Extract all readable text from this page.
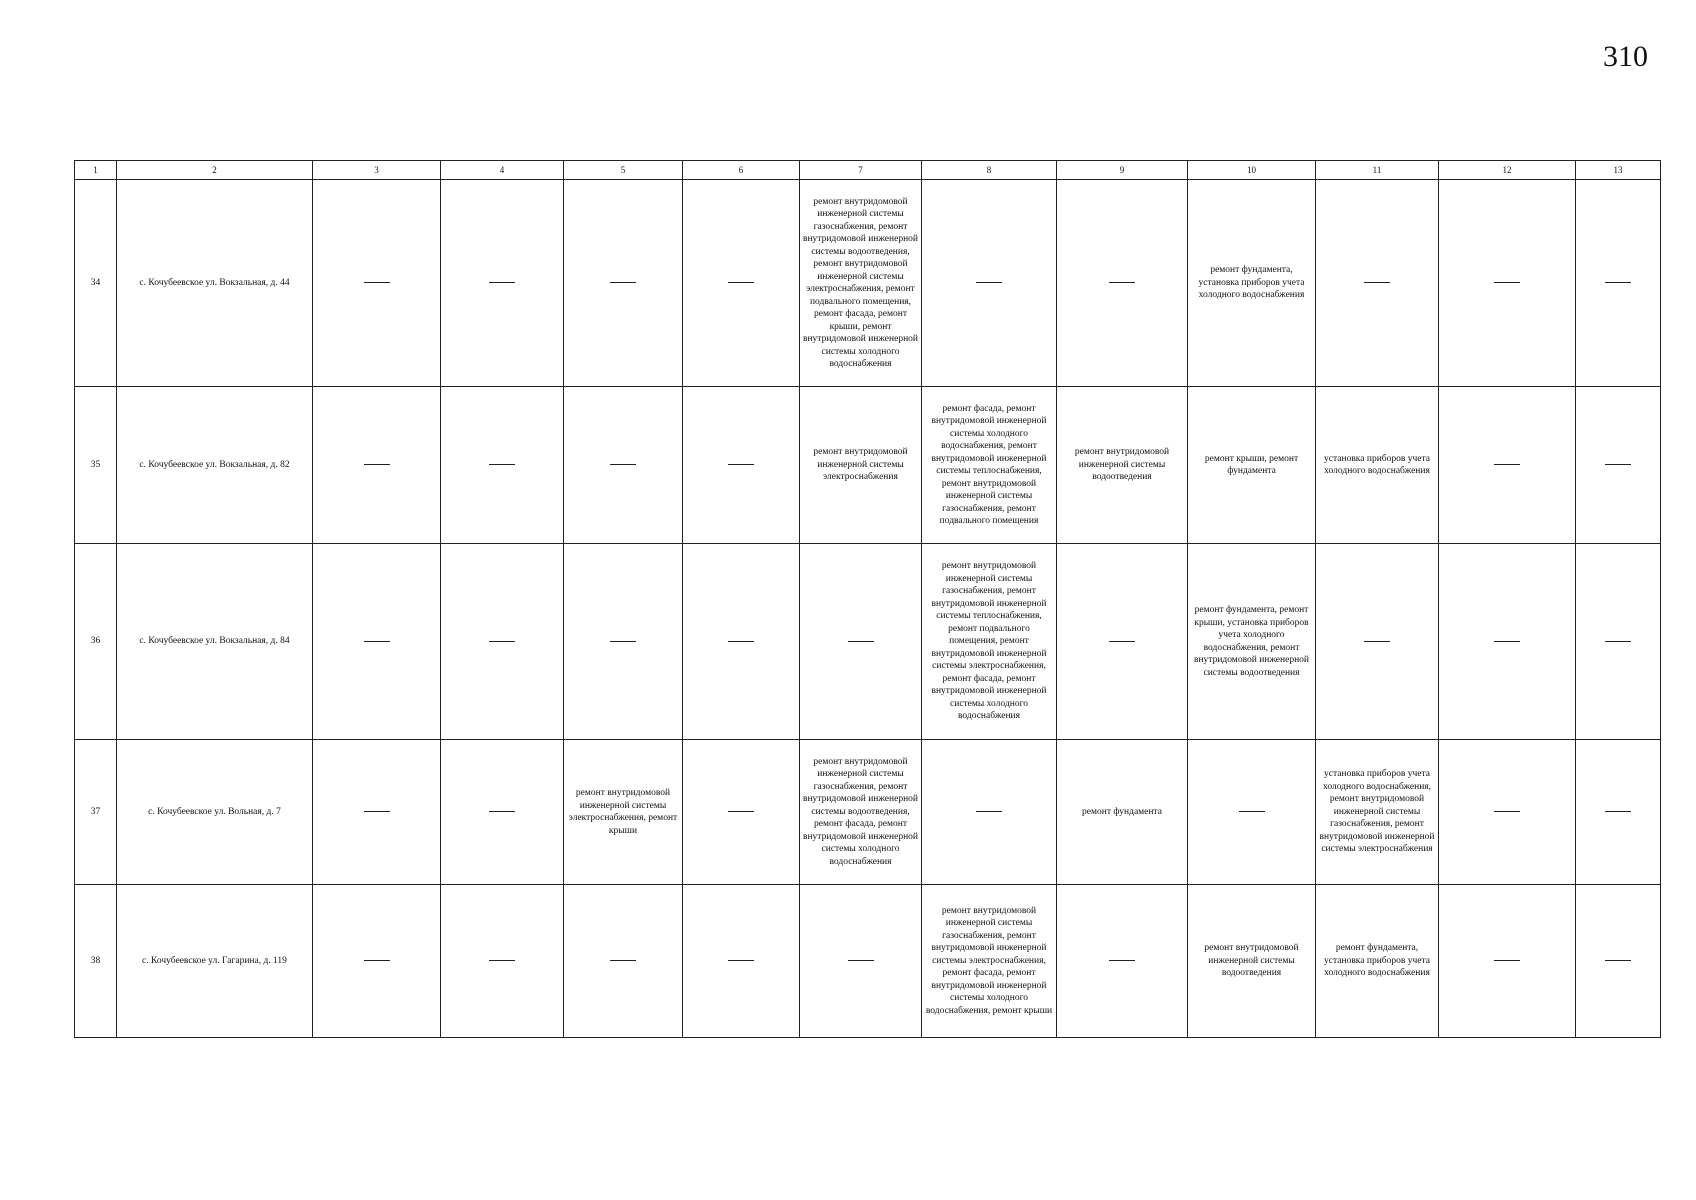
310
1	2	3	4	5	6	7	8	9	10	11	12	13
34	с. Кочубеевское ул. Вокзальная, д. 44					ремонт внутридомовой инженерной системы газоснабжения, ремонт внутридомовой инженерной системы водоотведения, ремонт внутридомовой инженерной системы электроснабжения, ремонт подвального помещения, ремонт фасада, ремонт крыши, ремонт внутридомовой инженерной системы холодного водоснабжения			ремонт фундамента, установка приборов учета холодного водоснабжения			

35	с. Кочубеевское ул. Вокзальная, д. 82					ремонт внутридомовой инженерной системы электроснабжения	ремонт фасада, ремонт внутридомовой инженерной системы холодного водоснабжения, ремонт внутридомовой инженерной системы теплоснабжения, ремонт внутридомовой инженерной системы газоснабжения, ремонт подвального помещения	ремонт внутридомовой инженерной системы водоотведения	ремонт крыши, ремонт фундамента	установка приборов учета холодного водоснабжения		

36	с. Кочубеевское ул. Вокзальная, д. 84						ремонт внутридомовой инженерной системы газоснабжения, ремонт внутридомовой инженерной системы теплоснабжения, ремонт подвального помещения, ремонт внутридомовой инженерной системы электроснабжения, ремонт фасада, ремонт внутридомовой инженерной системы холодного водоснабжения		ремонт фундамента, ремонт крыши, установка приборов учета холодного водоснабжения, ремонт внутридомовой инженерной системы водоотведения			

37	с. Кочубеевское ул. Вольная, д. 7			ремонт внутридомовой инженерной системы электроснабжения, ремонт крыши		ремонт внутридомовой инженерной системы газоснабжения, ремонт внутридомовой инженерной системы водоотведения, ремонт фасада, ремонт внутридомовой инженерной системы холодного водоснабжения		ремонт фундамента		установка приборов учета холодного водоснабжения, ремонт внутридомовой инженерной системы газоснабжения, ремонт внутридомовой инженерной системы электроснабжения		

38	с. Кочубеевское ул. Гагарина, д. 119						ремонт внутридомовой инженерной системы газоснабжения, ремонт внутридомовой инженерной системы электроснабжения, ремонт фасада, ремонт внутридомовой инженерной системы холодного водоснабжения, ремонт крыши		ремонт внутридомовой инженерной системы водоотведения	ремонт фундамента, установка приборов учета холодного водоснабжения		
